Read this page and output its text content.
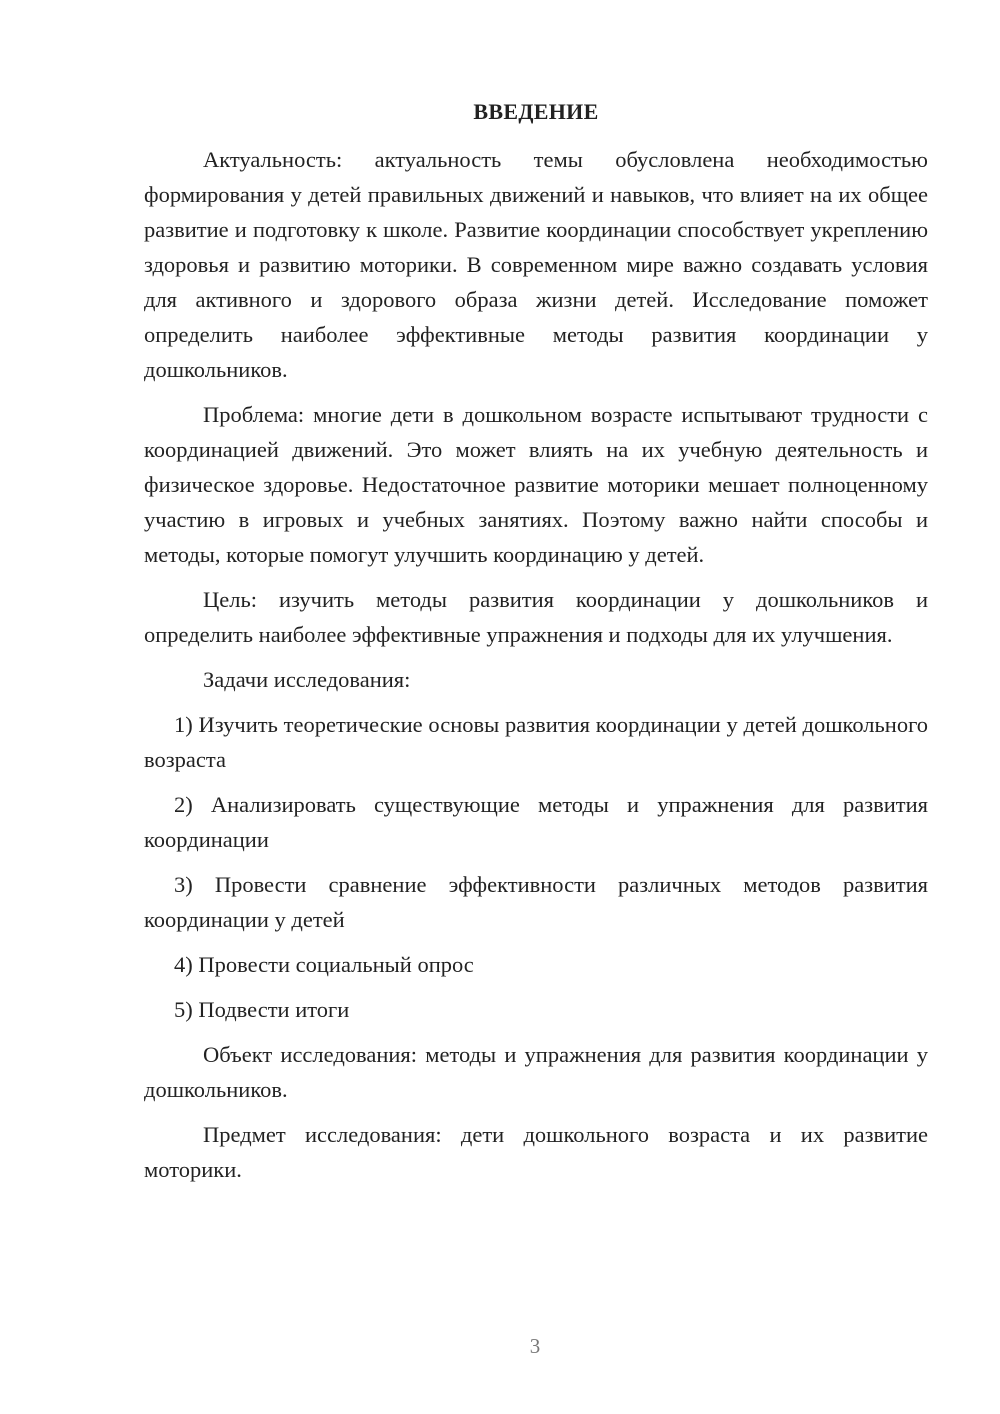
ВВЕДЕНИЕ

Актуальность: актуальность темы обусловлена необходимостью формирования у детей правильных движений и навыков, что влияет на их общее развитие и подготовку к школе. Развитие координации способствует укреплению здоровья и развитию моторики. В современном мире важно создавать условия для активного и здорового образа жизни детей. Исследование поможет определить наиболее эффективные методы развития координации у дошкольников.

Проблема: многие дети в дошкольном возрасте испытывают трудности с координацией движений. Это может влиять на их учебную деятельность и физическое здоровье. Недостаточное развитие моторики мешает полноценному участию в игровых и учебных занятиях. Поэтому важно найти способы и методы, которые помогут улучшить координацию у детей.

Цель: изучить методы развития координации у дошкольников и определить наиболее эффективные упражнения и подходы для их улучшения.

Задачи исследования:

1) Изучить теоретические основы развития координации у детей дошкольного возраста

2) Анализировать существующие методы и упражнения для развития координации

3) Провести сравнение эффективности различных методов развития координации у детей

4) Провести социальный опрос

5) Подвести итоги

Объект исследования: методы и упражнения для развития координации у дошкольников.

Предмет исследования: дети дошкольного возраста и их развитие моторики.

3
